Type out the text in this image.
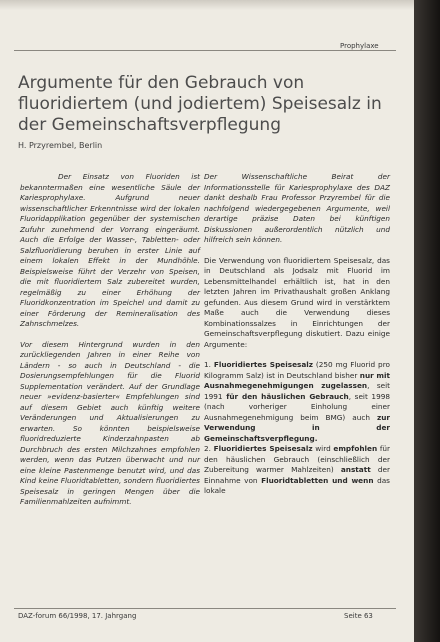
Prophylaxe
Argumente für den Gebrauch von fluoridiertem (und jodiertem) Speisesalz in der Gemeinschaftsverpflegung
H. Przyrembel, Berlin

Der Einsatz von Fluoriden ist bekanntermaßen eine wesentliche Säule der Kariesprophylaxe. Aufgrund neuer wissenschaftlicher Erkenntnisse wird der lokalen Fluoridapplikation gegenüber der systemischen Zufuhr zunehmend der Vorrang eingeräumt. Auch die Erfolge der Wasser-, Tabletten- oder Salzfluoridierung beruhen in erster Linie auf einem lokalen Effekt in der Mundhöhle. Beispielsweise führt der Verzehr von Speisen, die mit fluoridiertem Salz zubereitet wurden, regelmäßig zu einer Erhöhung der Fluoridkonzentration im Speichel und damit zu einer Förderung der Remineralisation des Zahnschmelzes.

Vor diesem Hintergrund wurden in den zurückliegenden Jahren in einer Reihe von Ländern - so auch in Deutschland - die Dosierungsempfehlungen für die Fluorid Supplementation verändert. Auf der Grundlage neuer »evidenz-basierter« Empfehlungen sind auf diesem Gebiet auch künftig weitere Veränderungen und Aktualisierungen zu erwarten. So könnten beispielsweise fluoridreduzierte Kinderzahnpasten ab Durchbruch des ersten Milchzahnes empfohlen werden, wenn das Putzen überwacht und nur eine kleine Pastenmenge benutzt wird, und das Kind keine Fluoridtabletten, sondern fluoridiertes Speisesalz in geringen Mengen über die Familienmahlzeiten aufnimmt.

Der Wissenschaftliche Beirat der Informationsstelle für Kariesprophylaxe des DAZ dankt deshalb Frau Professor Przyrembel für die nachfolgend wiedergegebenen Argumente, weil derartige präzise Daten bei künftigen Diskussionen außerordentlich nützlich und hilfreich sein können.

Die Verwendung von fluoridiertem Speisesalz, das in Deutschland als Jodsalz mit Fluorid im Lebensmittelhandel erhältlich ist, hat in den letzten Jahren im Privathaushalt großen Anklang gefunden. Aus diesem Grund wird in verstärktem Maße auch die Verwendung dieses Kombinationssalzes in Einrichtungen der Gemeinschaftsverpflegung diskutiert. Dazu einige Argumente:

1. Fluoridiertes Speisesalz (250 mg Fluorid pro Kilogramm Salz) ist in Deutschland bisher nur mit Ausnahmegenehmigungen zugelassen, seit 1991 für den häuslichen Gebrauch, seit 1998 (nach vorheriger Einholung einer Ausnahmegenehmigung beim BMG) auch zur Verwendung in der Gemeinschaftsverpflegung.

2. Fluoridiertes Speisesalz wird empfohlen für den häuslichen Gebrauch (einschließlich der Zubereitung warmer Mahlzeiten) anstatt der Einnahme von Fluoridtabletten und wenn das lokale

DAZ-forum 66/1998, 17. Jahrgang	Seite 63
